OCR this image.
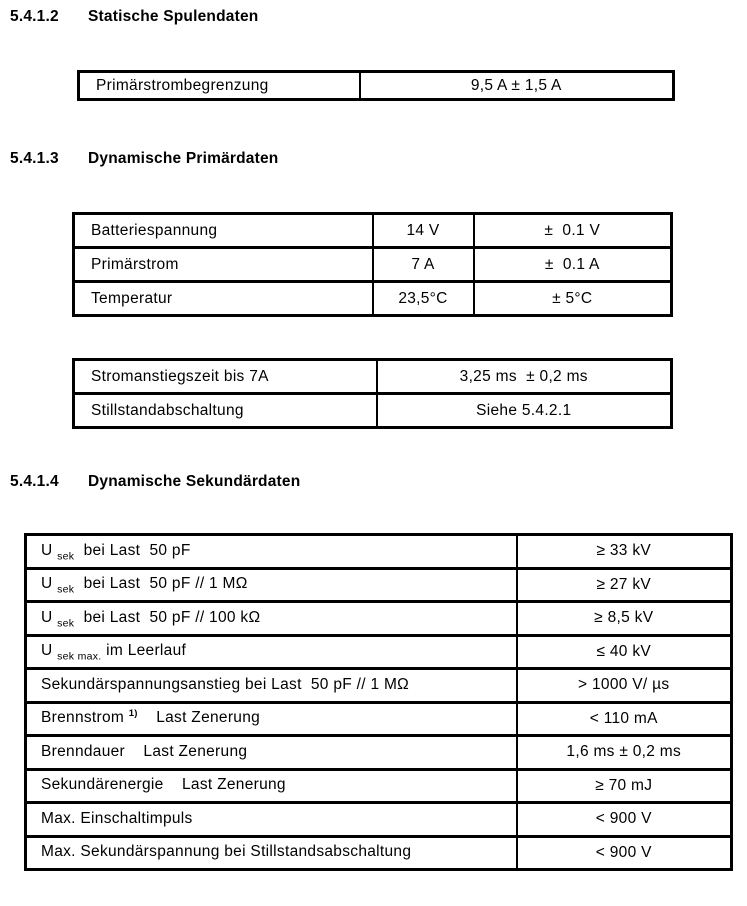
5.4.1.2	Statische Spulendaten
Primärstrombegrenzung	9,5 A ± 1,5 A
5.4.1.3	Dynamische Primärdaten
Batteriespannung	14 V	±  0.1 V
Primärstrom	7 A	±  0.1 A
Temperatur	23,5°C	± 5°C
Stromanstiegszeit bis 7A	3,25 ms  ± 0,2 ms
Stillstandabschaltung	Siehe 5.4.2.1
5.4.1.4	Dynamische Sekundärdaten
U $_{sek}$  bei Last  50 pF	≥ 33 kV
U $_{sek}$  bei Last  50 pF // 1 MΩ	≥ 27 kV
U $_{sek}$  bei Last  50 pF // 100 kΩ	≥ 8,5 kV
U $_{sek max.}$ im Leerlauf	≤ 40 kV
Sekundärspannungsanstieg bei Last  50 pF // 1 MΩ	> 1000 V/ µs
Brennstrom $^{1)}$    Last Zenerung	< 110 mA
Brenndauer    Last Zenerung	1,6 ms ± 0,2 ms
Sekundärenergie    Last Zenerung	≥ 70 mJ
Max. Einschaltimpuls	< 900 V
Max. Sekundärspannung bei Stillstandsabschaltung	< 900 V
